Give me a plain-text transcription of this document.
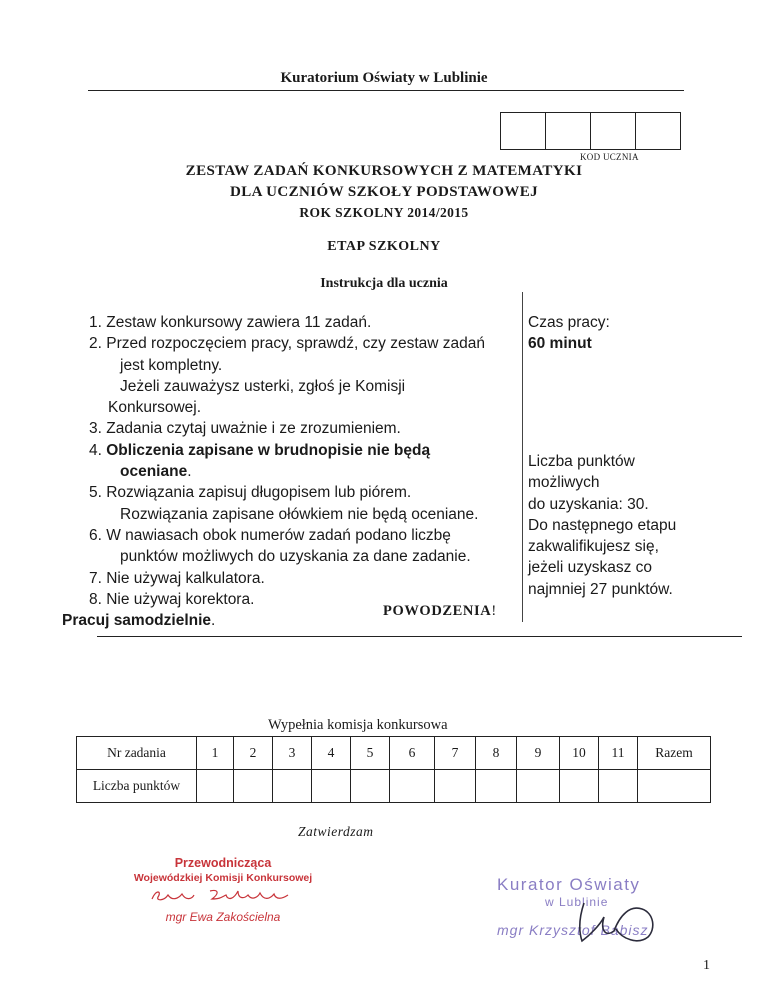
Kuratorium Oświaty w Lublinie
KOD UCZNIA
ZESTAW ZADAŃ KONKURSOWYCH Z MATEMATYKI
DLA UCZNIÓW SZKOŁY PODSTAWOWEJ
ROK SZKOLNY 2014/2015
ETAP SZKOLNY
Instrukcja dla ucznia
1. Zestaw konkursowy zawiera 11 zadań.
2. Przed rozpoczęciem pracy, sprawdź, czy zestaw zadań
jest kompletny.
Jeżeli zauważysz usterki, zgłoś je Komisji
Konkursowej.
3. Zadania czytaj uważnie i ze zrozumieniem.
4. Obliczenia zapisane w brudnopisie nie będą
oceniane.
5. Rozwiązania zapisuj długopisem lub piórem.
Rozwiązania zapisane ołówkiem nie będą oceniane.
6. W nawiasach obok numerów zadań podano liczbę
punktów możliwych do uzyskania za dane zadanie.
7. Nie używaj kalkulatora.
8. Nie używaj korektora.
Pracuj samodzielnie.
Czas pracy:
60 minut
Liczba punktów
możliwych
do uzyskania: 30.
Do następnego etapu
zakwalifikujesz się,
jeżeli uzyskasz co
najmniej 27 punktów.
POWODZENIA!
Wypełnia komisja konkursowa
Nr zadania	1	2	3	4	5	6	7	8	9	10	11	Razem
Liczba punktów												
Zatwierdzam
Przewodnicząca
Wojewódzkiej Komisji Konkursowej
mgr Ewa Zakościelna
Kurator Oświaty
w Lublinie
mgr Krzysztof Babisz
1
